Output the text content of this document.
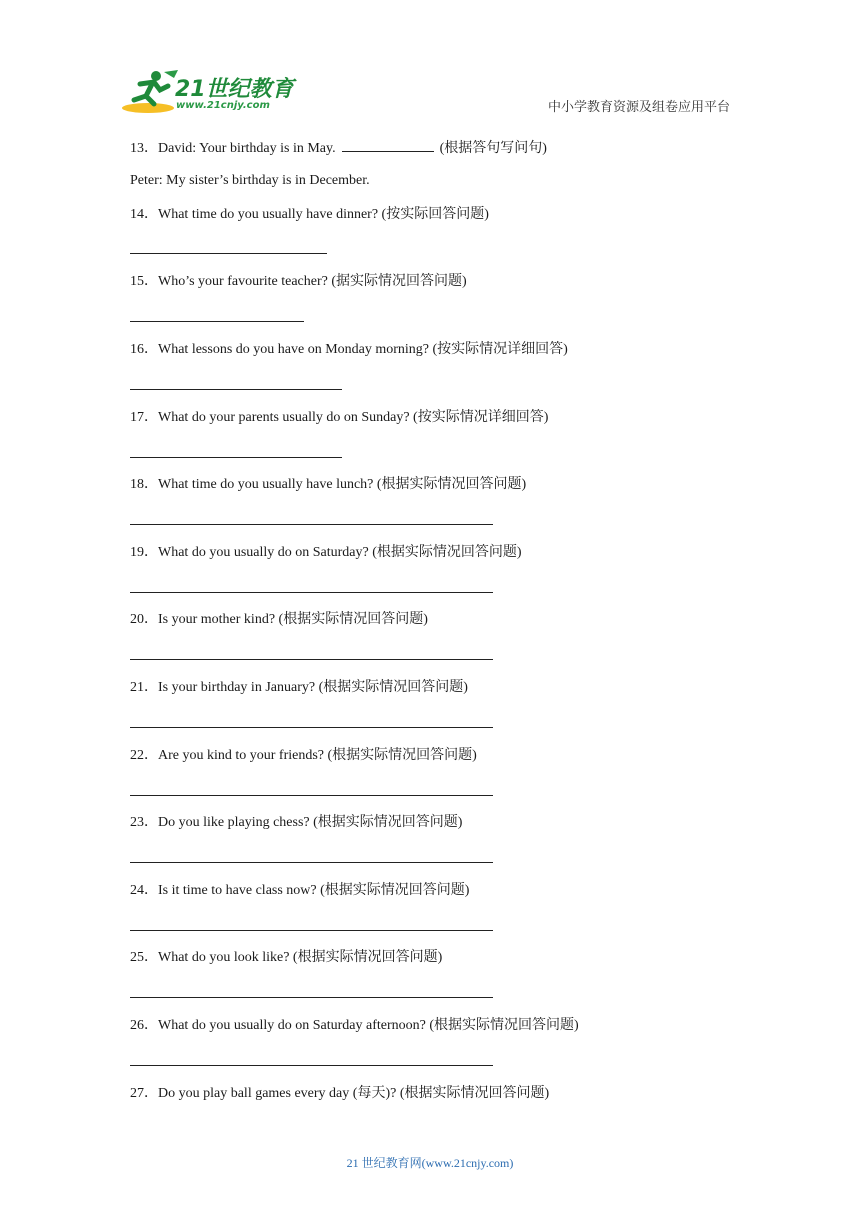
21世纪教育
www.21cnjy.com	中小学教育资源及组卷应用平台
13．David: Your birthday is in May.	(根据答句写问句)
Peter: My sister’s birthday is in December.
14．What time do you usually have dinner? (按实际回答问题)
15．Who’s your favourite teacher? (据实际情况回答问题)
16．What lessons do you have on Monday morning? (按实际情况详细回答)
17．What do your parents usually do on Sunday? (按实际情况详细回答)
18．What time do you usually have lunch? (根据实际情况回答问题)
19．What do you usually do on Saturday? (根据实际情况回答问题)
20．Is your mother kind? (根据实际情况回答问题)
21．Is your birthday in January? (根据实际情况回答问题)
22．Are you kind to your friends? (根据实际情况回答问题)
23．Do you like playing chess? (根据实际情况回答问题)
24．Is it time to have class now? (根据实际情况回答问题)
25．What do you look like? (根据实际情况回答问题)
26．What do you usually do on Saturday afternoon? (根据实际情况回答问题)
27．Do you play ball games every day (每天)? (根据实际情况回答问题)
21 世纪教育网(www.21cnjy.com)
